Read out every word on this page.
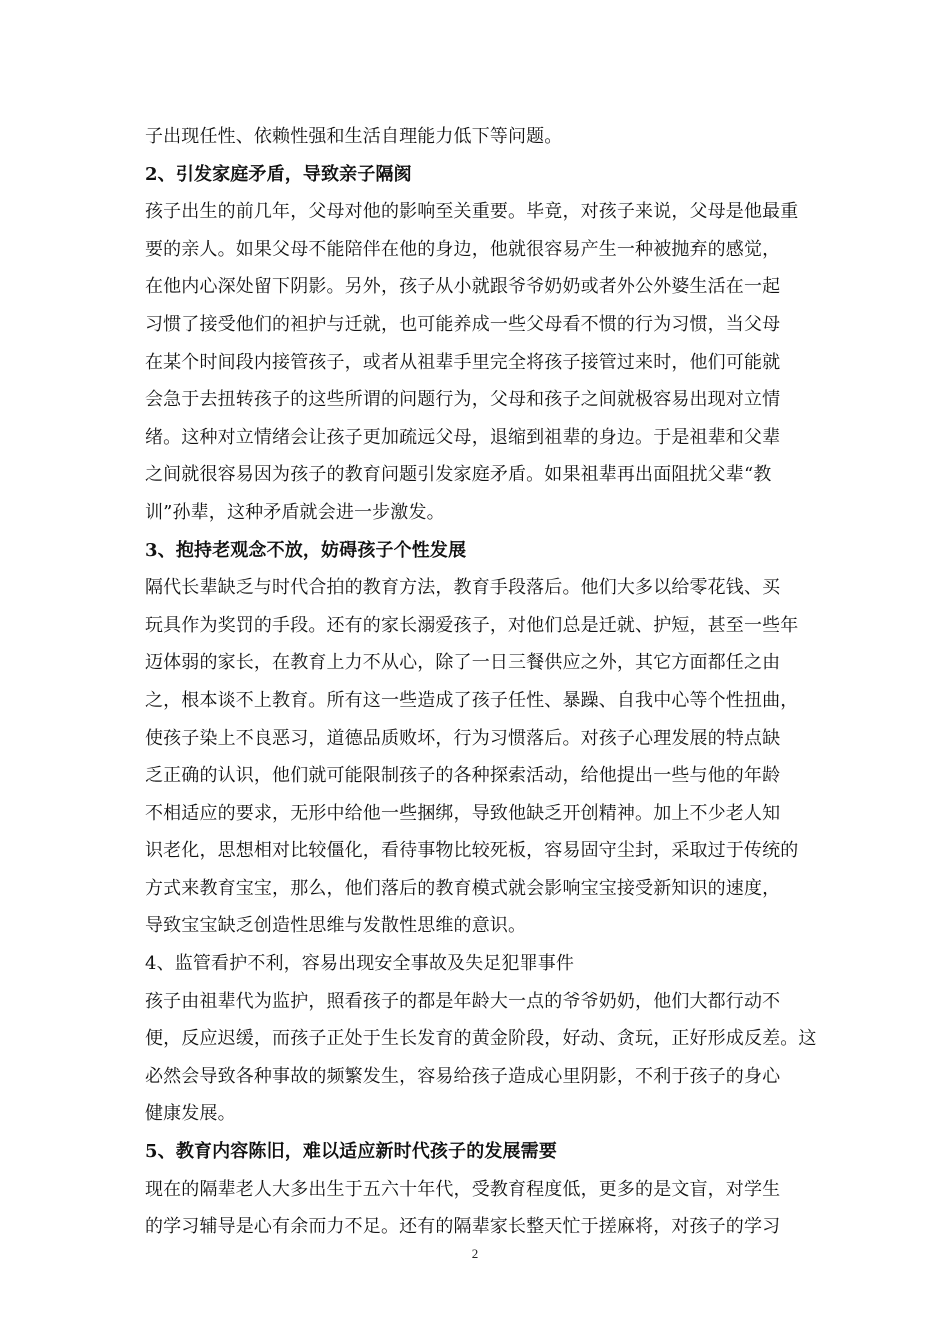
子出现任性、依赖性强和生活自理能力低下等问题。
2、引发家庭矛盾，导致亲子隔阂
孩子出生的前几年，父母对他的影响至关重要。毕竟，对孩子来说，父母是他最重
要的亲人。如果父母不能陪伴在他的身边，他就很容易产生一种被抛弃的感觉，
在他内心深处留下阴影。另外，孩子从小就跟爷爷奶奶或者外公外婆生活在一起
习惯了接受他们的袒护与迁就，也可能养成一些父母看不惯的行为习惯，当父母
在某个时间段内接管孩子，或者从祖辈手里完全将孩子接管过来时，他们可能就
会急于去扭转孩子的这些所谓的问题行为，父母和孩子之间就极容易出现对立情
绪。这种对立情绪会让孩子更加疏远父母，退缩到祖辈的身边。于是祖辈和父辈
之间就很容易因为孩子的教育问题引发家庭矛盾。如果祖辈再出面阻扰父辈“教
训”孙辈，这种矛盾就会进一步激发。
3、抱持老观念不放，妨碍孩子个性发展
隔代长辈缺乏与时代合拍的教育方法，教育手段落后。他们大多以给零花钱、买
玩具作为奖罚的手段。还有的家长溺爱孩子，对他们总是迁就、护短，甚至一些年
迈体弱的家长，在教育上力不从心，除了一日三餐供应之外，其它方面都任之由
之，根本谈不上教育。所有这一些造成了孩子任性、暴躁、自我中心等个性扭曲，
使孩子染上不良恶习，道德品质败坏，行为习惯落后。对孩子心理发展的特点缺
乏正确的认识，他们就可能限制孩子的各种探索活动，给他提出一些与他的年龄
不相适应的要求，无形中给他一些捆绑，导致他缺乏开创精神。加上不少老人知
识老化，思想相对比较僵化，看待事物比较死板，容易固守尘封，采取过于传统的
方式来教育宝宝，那么，他们落后的教育模式就会影响宝宝接受新知识的速度，
导致宝宝缺乏创造性思维与发散性思维的意识。
4、监管看护不利，容易出现安全事故及失足犯罪事件
孩子由祖辈代为监护，照看孩子的都是年龄大一点的爷爷奶奶，他们大都行动不
便，反应迟缓，而孩子正处于生长发育的黄金阶段，好动、贪玩，正好形成反差。这
必然会导致各种事故的频繁发生，容易给孩子造成心里阴影，不利于孩子的身心
健康发展。
5、教育内容陈旧，难以适应新时代孩子的发展需要
现在的隔辈老人大多出生于五六十年代，受教育程度低，更多的是文盲，对学生
的学习辅导是心有余而力不足。还有的隔辈家长整天忙于搓麻将，对孩子的学习
2
